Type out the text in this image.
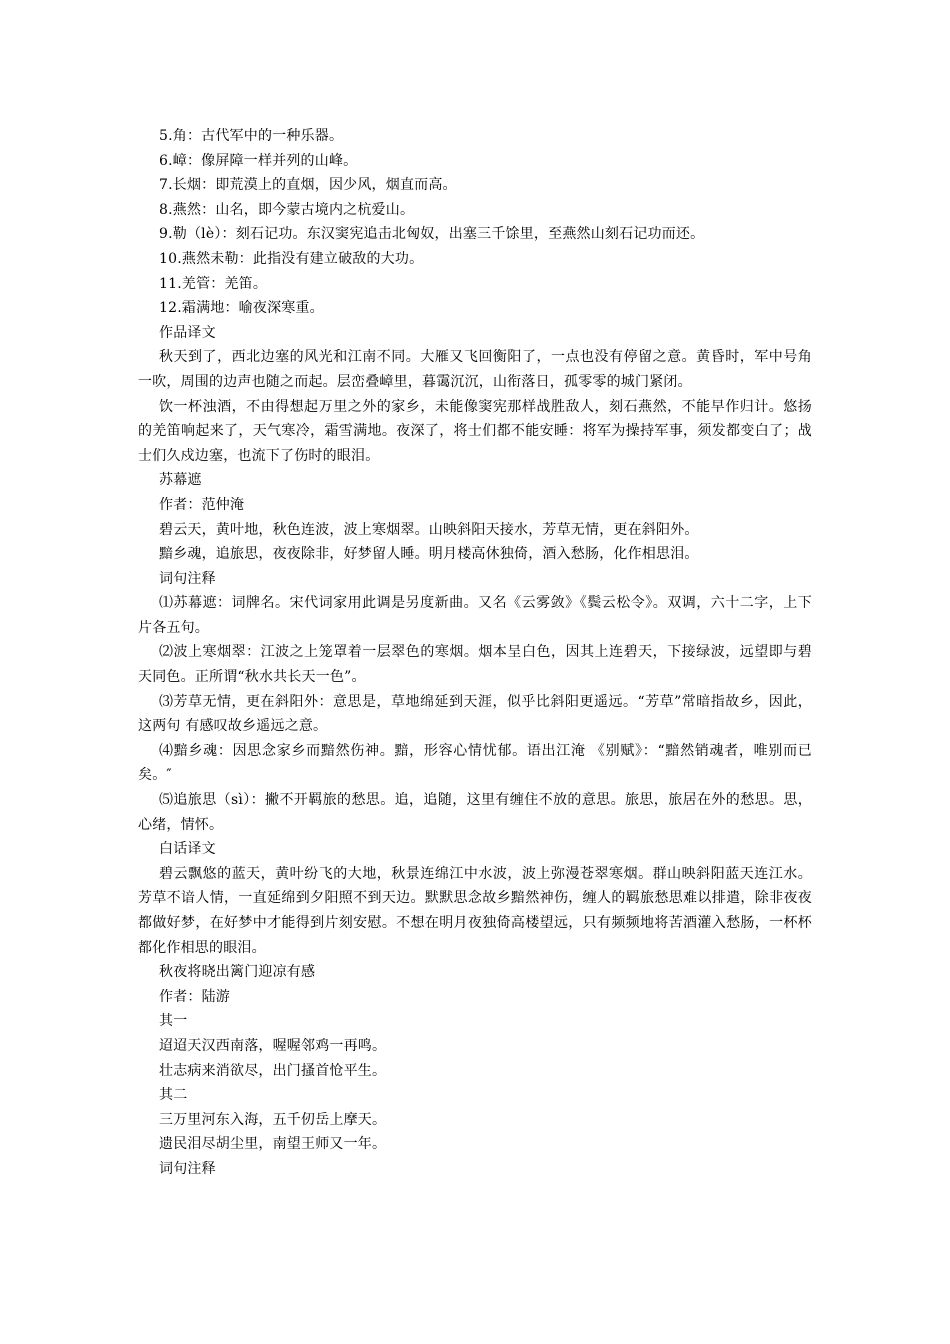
5.角：古代军中的一种乐器。

6.嶂：像屏障一样并列的山峰。

7.长烟：即荒漠上的直烟，因少风，烟直而高。

8.燕然：山名，即今蒙古境内之杭爱山。

9.勒（lè）：刻石记功。东汉窦宪追击北匈奴，出塞三千馀里，至燕然山刻石记功而还。

10.燕然未勒：此指没有建立破敌的大功。

11.羌管：羌笛。

12.霜满地：喻夜深寒重。

作品译文

秋天到了，西北边塞的风光和江南不同。大雁又飞回衡阳了，一点也没有停留之意。黄昏时，军中号角一吹，周围的边声也随之而起。层峦叠嶂里，暮霭沉沉，山衔落日，孤零零的城门紧闭。

饮一杯浊酒，不由得想起万里之外的家乡，未能像窦宪那样战胜敌人，刻石燕然，不能早作归计。悠扬的羌笛响起来了，天气寒冷，霜雪满地。夜深了，将士们都不能安睡：将军为操持军事，须发都变白了；战士们久戍边塞，也流下了伤时的眼泪。

苏幕遮

作者：范仲淹

碧云天，黄叶地，秋色连波，波上寒烟翠。山映斜阳天接水，芳草无情，更在斜阳外。

黯乡魂，追旅思，夜夜除非，好梦留人睡。明月楼高休独倚，酒入愁肠，化作相思泪。

词句注释

⑴苏幕遮：词牌名。宋代词家用此调是另度新曲。又名《云雾敛》《鬓云松令》。双调，六十二字，上下片各五句。

⑵波上寒烟翠：江波之上笼罩着一层翠色的寒烟。烟本呈白色，因其上连碧天，下接绿波，远望即与碧天同色。正所谓“秋水共长天一色”。

⑶芳草无情，更在斜阳外：意思是，草地绵延到天涯，似乎比斜阳更遥远。“芳草”常暗指故乡，因此，这两句 有感叹故乡遥远之意。

⑷黯乡魂：因思念家乡而黯然伤神。黯，形容心情忧郁。语出江淹 《别赋》：“黯然销魂者，唯别而已矣。″

⑸追旅思（sì）：撇不开羁旅的愁思。追，追随，这里有缠住不放的意思。旅思，旅居在外的愁思。思，心绪，情怀。

白话译文

碧云飘悠的蓝天，黄叶纷飞的大地，秋景连绵江中水波，波上弥漫苍翠寒烟。群山映斜阳蓝天连江水。芳草不谙人情，一直延绵到夕阳照不到天边。默默思念故乡黯然神伤，缠人的羁旅愁思难以排遣，除非夜夜都做好梦，在好梦中才能得到片刻安慰。不想在明月夜独倚高楼望远，只有频频地将苦酒灌入愁肠，一杯杯都化作相思的眼泪。

秋夜将晓出篱门迎凉有感

作者：陆游

其一

迢迢天汉西南落，喔喔邻鸡一再鸣。

壮志病来消欲尽，出门搔首怆平生。

其二

三万里河东入海，五千仞岳上摩天。

遗民泪尽胡尘里，南望王师又一年。

词句注释
